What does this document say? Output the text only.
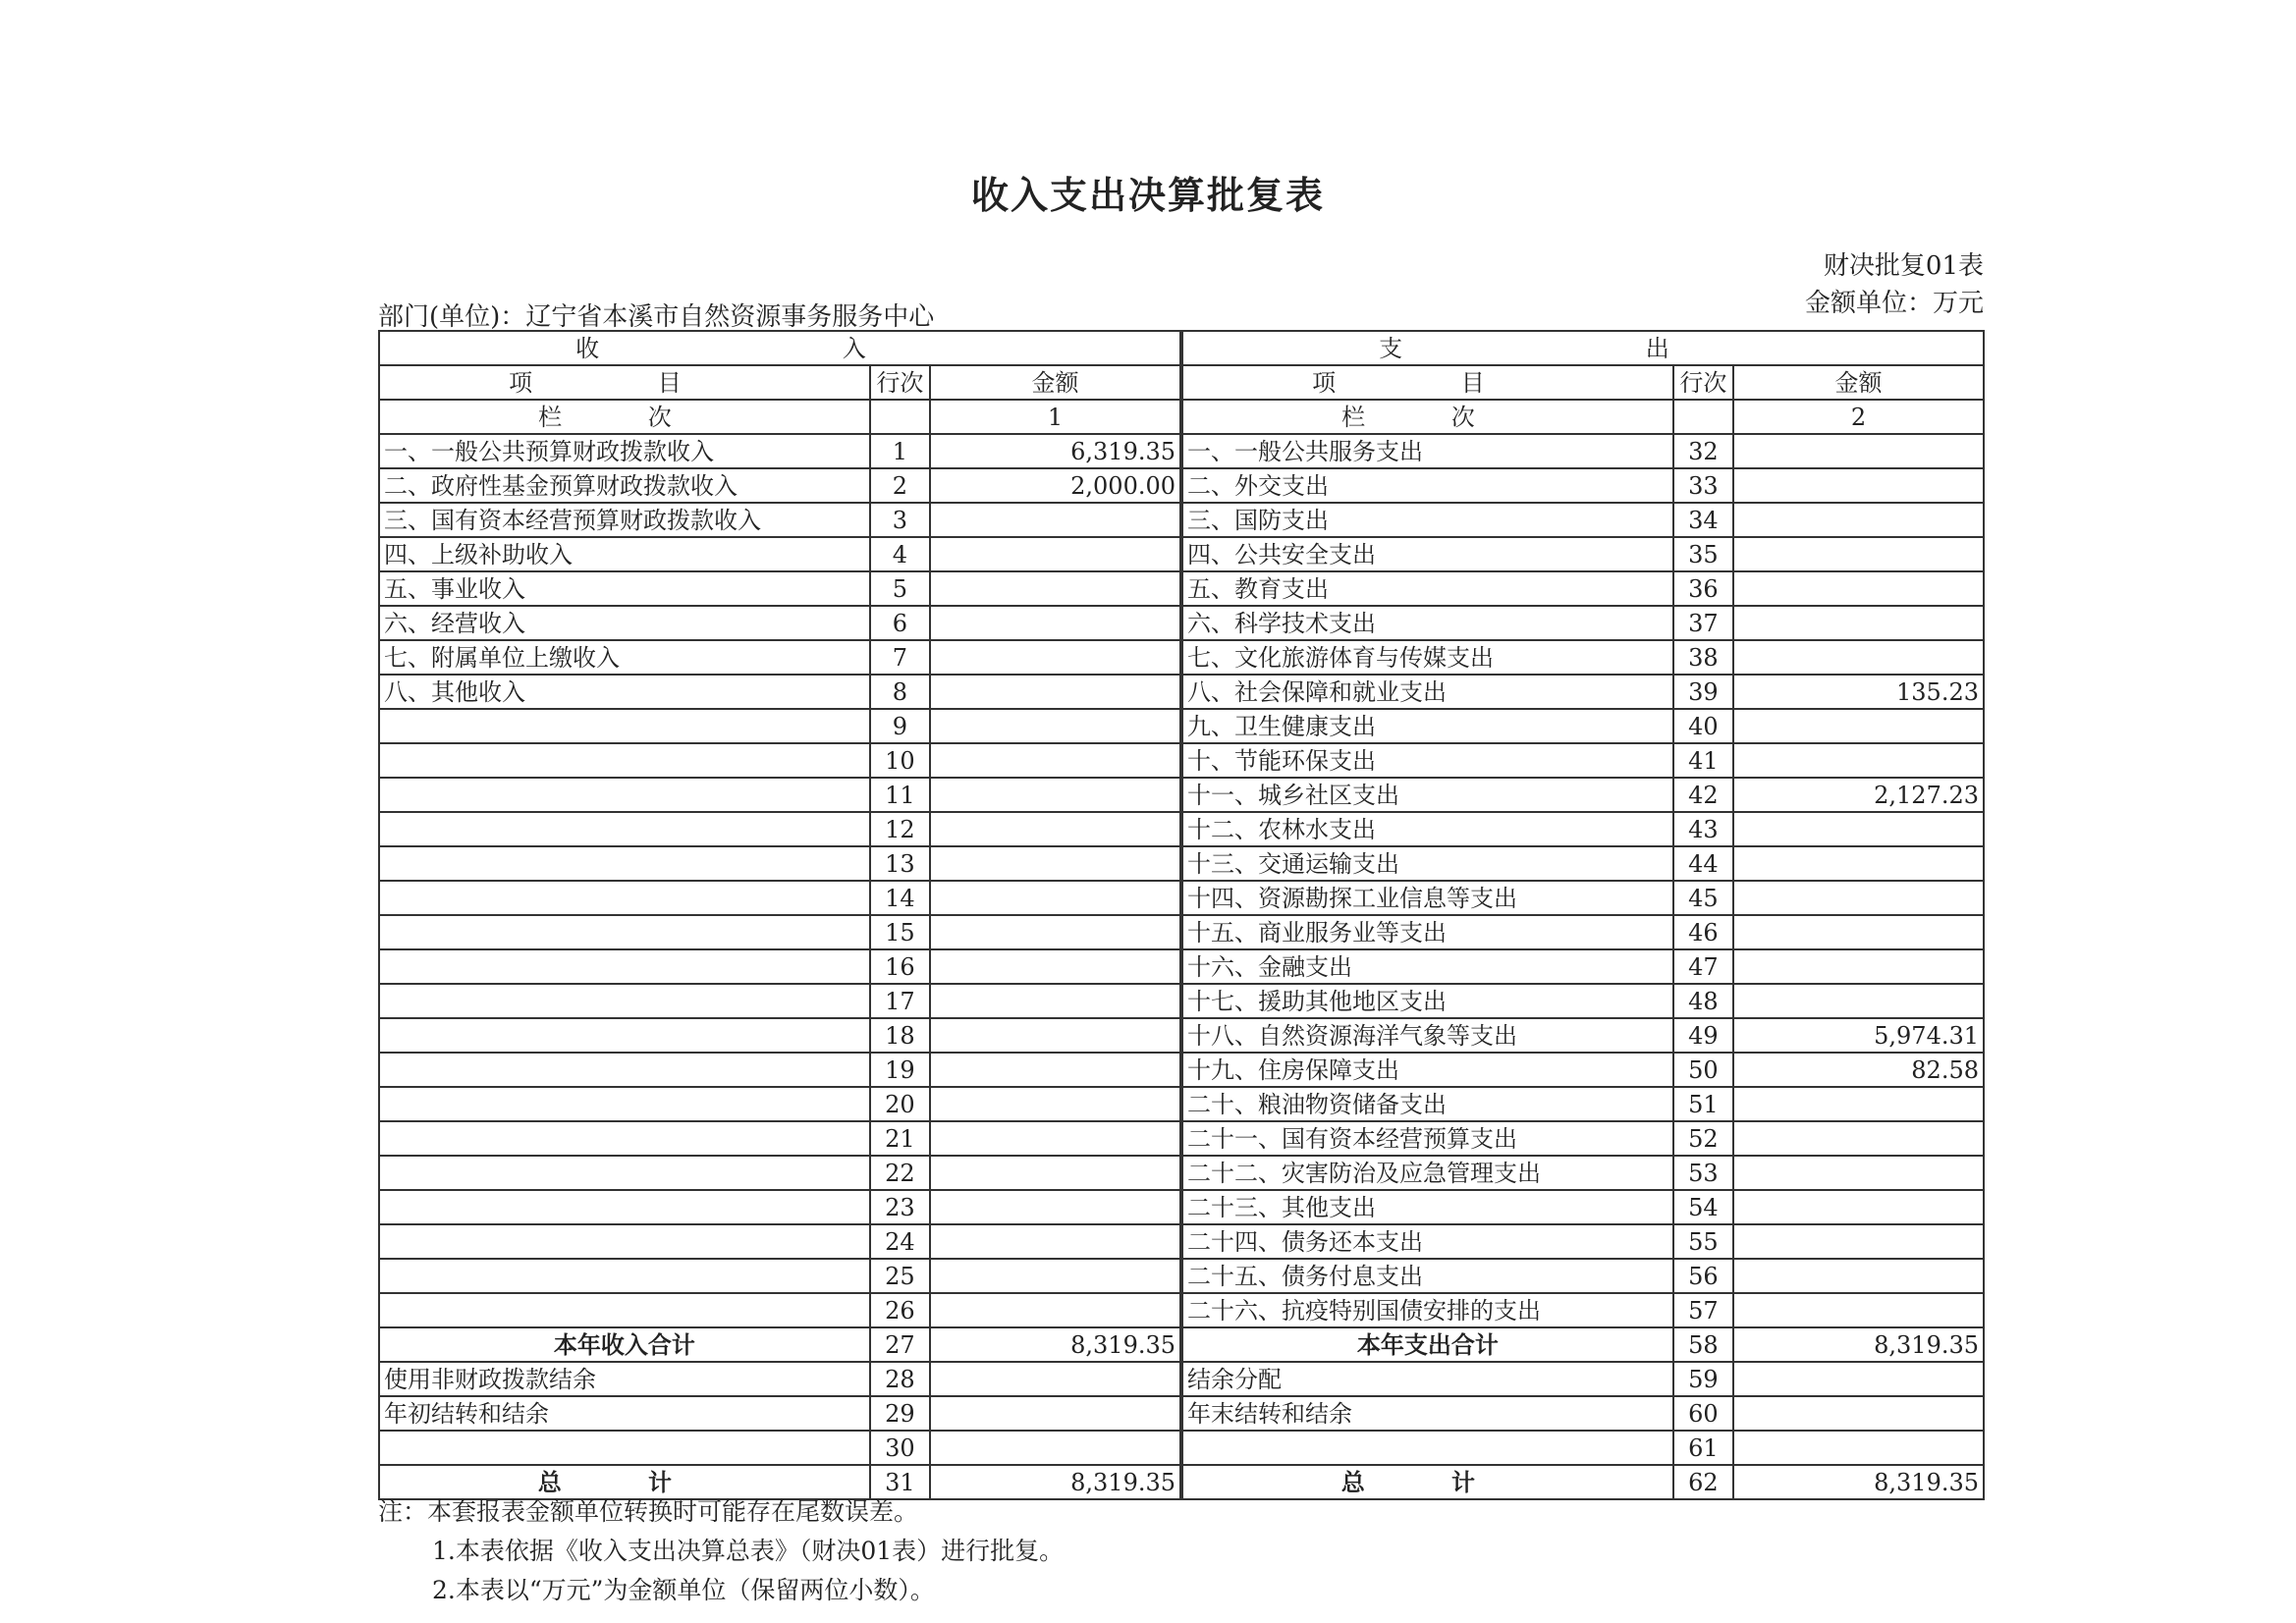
收入支出决算批复表
财决批复01表
金额单位：万元
部门(单位)：辽宁省本溪市自然资源事务服务中心
收 入		
项 目	行次	金额
栏 次		1
一、一般公共预算财政拨款收入	1	6,319.35
二、政府性基金预算财政拨款收入	2	2,000.00
三、国有资本经营预算财政拨款收入	3	
四、上级补助收入	4	
五、事业收入	5	
六、经营收入	6	
七、附属单位上缴收入	7	
八、其他收入	8	
	9	
	10	
	11	
	12	
	13	
	14	
	15	
	16	
	17	
	18	
	19	
	20	
	21	
	22	
	23	
	24	
	25	
	26	
本年收入合计	27	8,319.35
使用非财政拨款结余	28	
年初结转和结余	29	
	30	
总 计	31	8,319.35
支 出		
项 目	行次	金额
栏 次		2
一、一般公共服务支出	32	
二、外交支出	33	
三、国防支出	34	
四、公共安全支出	35	
五、教育支出	36	
六、科学技术支出	37	
七、文化旅游体育与传媒支出	38	
八、社会保障和就业支出	39	135.23
九、卫生健康支出	40	
十、节能环保支出	41	
十一、城乡社区支出	42	2,127.23
十二、农林水支出	43	
十三、交通运输支出	44	
十四、资源勘探工业信息等支出	45	
十五、商业服务业等支出	46	
十六、金融支出	47	
十七、援助其他地区支出	48	
十八、自然资源海洋气象等支出	49	5,974.31
十九、住房保障支出	50	82.58
二十、粮油物资储备支出	51	
二十一、国有资本经营预算支出	52	
二十二、灾害防治及应急管理支出	53	
二十三、其他支出	54	
二十四、债务还本支出	55	
二十五、债务付息支出	56	
二十六、抗疫特别国债安排的支出	57	
本年支出合计	58	8,319.35
结余分配	59	
年末结转和结余	60	
	61	
总 计	62	8,319.35
注：本套报表金额单位转换时可能存在尾数误差。
1.本表依据《收入支出决算总表》（财决01表）进行批复。
2.本表以“万元”为金额单位（保留两位小数）。
